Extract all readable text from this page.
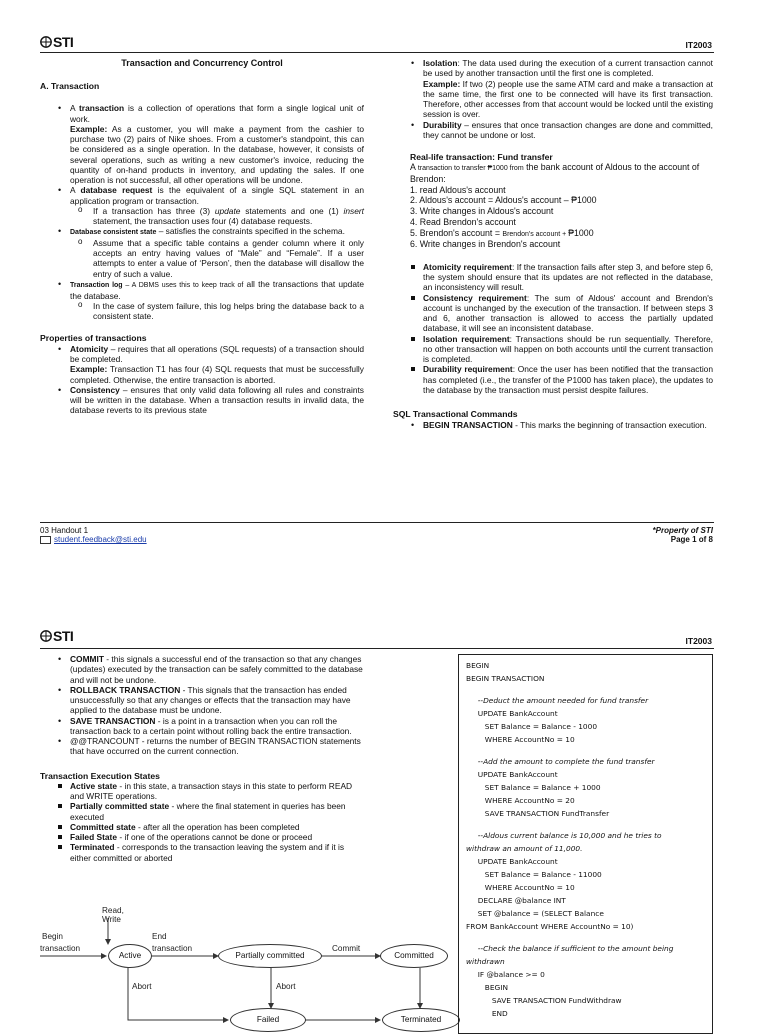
STI	IT2003

Transaction and Concurrency Control

A. Transaction

• A transaction is a collection of operations that form a single logical unit of work.
Example: As a customer, you will make a payment from the cashier to purchase two (2) pairs of Nike shoes. From a customer's standpoint, this can be considered as a single operation. In the database, however, it consists of several operations, such as writing a new customer's invoice, reducing the quantity of on-hand products in inventory, and updating the sales. If one operation is not successful, all other operations will be undone.

• A database request is the equivalent of a single SQL statement in an application program or transaction.

o If a transaction has three (3) update statements and one (1) insert statement, the transaction uses four (4) database requests.

• Database consistent state – satisfies the constraints specified in the schema.

o Assume that a specific table contains a gender column where it only accepts an entry having values of “Male” and “Female”. If a user attempts to enter a value of ‘Person’, then the database will disallow the entry of such a value.

• Transaction log – A DBMS uses this to keep track of all the transactions that update the database.

o In the case of system failure, this log helps bring the database back to a consistent state.

Properties of transactions

• Atomicity – requires that all operations (SQL requests) of a transaction should be completed.
Example: Transaction T1 has four (4) SQL requests that must be successfully completed. Otherwise, the entire transaction is aborted.

• Consistency – ensures that only valid data following all rules and constraints will be written in the database. When a transaction results in invalid data, the database reverts to its previous state

• Isolation: The data used during the execution of a current transaction cannot be used by another transaction until the first one is completed.
Example: If two (2) people use the same ATM card and make a transaction at the same time, the first one to be connected will have its first transaction. Therefore, other accesses from that account would be locked until the existing session is over.

• Durability – ensures that once transaction changes are done and committed, they cannot be undone or lost.

Real-life transaction: Fund transfer

A transaction to transfer ₱1000 from the bank account of Aldous to the account of Brendon:

1. read Aldous's account

2. Aldous's account = Aldous's account – ₱1000

3. Write changes in Aldous's account

4. Read Brendon's account

5. Brendon's account = Brendon's account + ₱1000

6. Write changes in Brendon's account

Atomicity requirement: If the transaction fails after step 3, and before step 6, the system should ensure that its updates are not reflected in the database, an inconsistency will result.

Consistency requirement: The sum of Aldous' account and Brendon's account is unchanged by the execution of the transaction. If between steps 3 and 6, another transaction is allowed to access the partially updated database, it will see an inconsistent database.

Isolation requirement: Transactions should be run sequentially. Therefore, no other transaction will happen on both accounts until the current transaction is completed.

Durability requirement: Once the user has been notified that the transaction has completed (i.e., the transfer of the P1000 has taken place), the updates to the database by the transaction must persist despite failures.

SQL Transactional Commands

• BEGIN TRANSACTION - This marks the beginning of transaction execution.

03 Handout 1
student.feedback@sti.edu
*Property of STI
Page 1 of 8
STI	IT2003

• COMMIT - this signals a successful end of the transaction so that any changes (updates) executed by the transaction can be safely committed to the database and will not be undone.

• ROLLBACK TRANSACTION - This signals that the transaction has ended unsuccessfully so that any changes or effects that the transaction may have applied to the database must be undone.

• SAVE TRANSACTION - is a point in a transaction when you can roll the transaction back to a certain point without rolling back the entire transaction.

• @@TRANCOUNT - returns the number of BEGIN TRANSACTION statements that have occurred on the current connection.

Transaction Execution States

Active state - in this state, a transaction stays in this state to perform READ and WRITE operations.

Partially committed state - where the final statement in queries has been executed

Committed state - after all the operation has been completed

Failed State - if one of the operations cannot be done or proceed

Terminated - corresponds to the transaction leaving the system and if it is either committed or aborted

Read, Write
Begin
transaction
End
transaction	Commit
Abort	Abort
Active	Partially committed	Committed
Failed	Terminated
BEGIN
BEGIN TRANSACTION
--Deduct the amount needed for fund transfer
UPDATE BankAccount
SET Balance = Balance - 1000
WHERE AccountNo = 10
--Add the amount to complete the fund transfer
UPDATE BankAccount
SET Balance = Balance + 1000
WHERE AccountNo = 20
SAVE TRANSACTION FundTransfer
--Aldous current balance is 10,000 and he tries to
withdraw an amount of 11,000.
UPDATE BankAccount
SET Balance = Balance - 11000
WHERE AccountNo = 10
DECLARE @balance INT
SET @balance = (SELECT Balance
FROM BankAccount WHERE AccountNo = 10)
--Check the balance if sufficient to the amount being
withdrawn
IF @balance >= 0
BEGIN
SAVE TRANSACTION FundWithdraw
END
